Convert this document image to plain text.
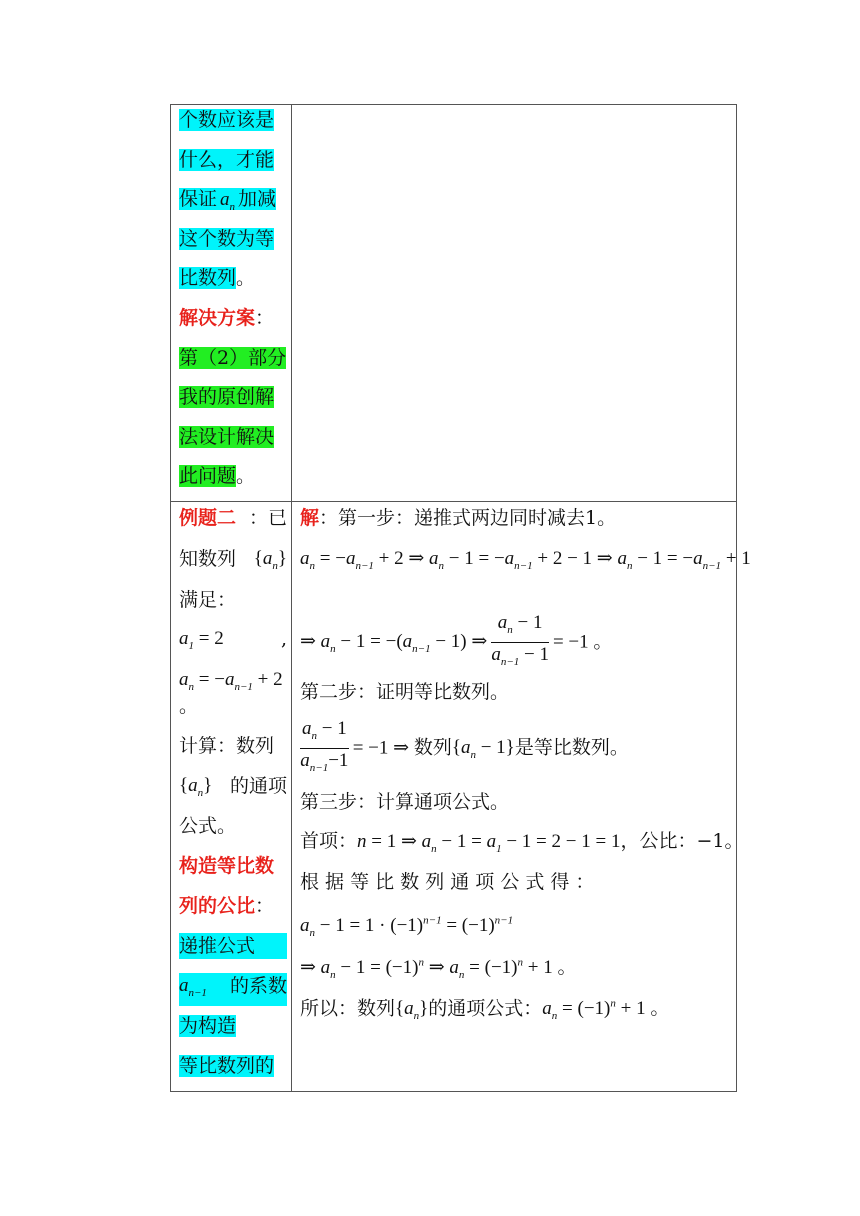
个数应该是
什么，才能
保证 $a_n$ 加减
这个数为等
比数列。
解决方案：
第（2）部分
我的原创解
法设计解决
此问题。
例题二 ：已
知数列 $\{a_n\}$
满足：
$a_1 = 2$	,
$a_n = -a_{n-1} + 2$
。
计算：数列
$\{a_n\}$ 的通项
公式。
构造等比数
列的公比：
递推公式
$a_{n-1}$ 的系数
为构造
等比数列的
解：第一步：递推式两边同时减去1。
$a_n = -a_{n-1} + 2$ ⇒ $a_n - 1 = -a_{n-1} + 2 - 1$ ⇒ $a_n - 1 = -a_{n-1} + 1$
⇒ $a_n - 1 = -(a_{n-1} - 1)$ ⇒ $\frac{a_n - 1}{a_{n-1} - 1} = -1$ 。
第二步：证明等比数列。
$\frac{a_n - 1}{a_{n-1}-1} = -1$ ⇒ 数列$\{a_n - 1\}$是等比数列。
第三步：计算通项公式。
首项：n = 1 ⇒ $a_n - 1 = a_1 - 1 = 2 - 1 = 1$，公比：−1。
根 据 等 比 数 列 通 项 公 式 得 ：
$a_n - 1 = 1 \cdot (-1)^{n-1} = (-1)^{n-1}$
⇒ $a_n - 1 = (-1)^n$ ⇒ $a_n = (-1)^n + 1$ 。
所以：数列$\{a_n\}$的通项公式：$a_n = (-1)^n + 1$ 。
